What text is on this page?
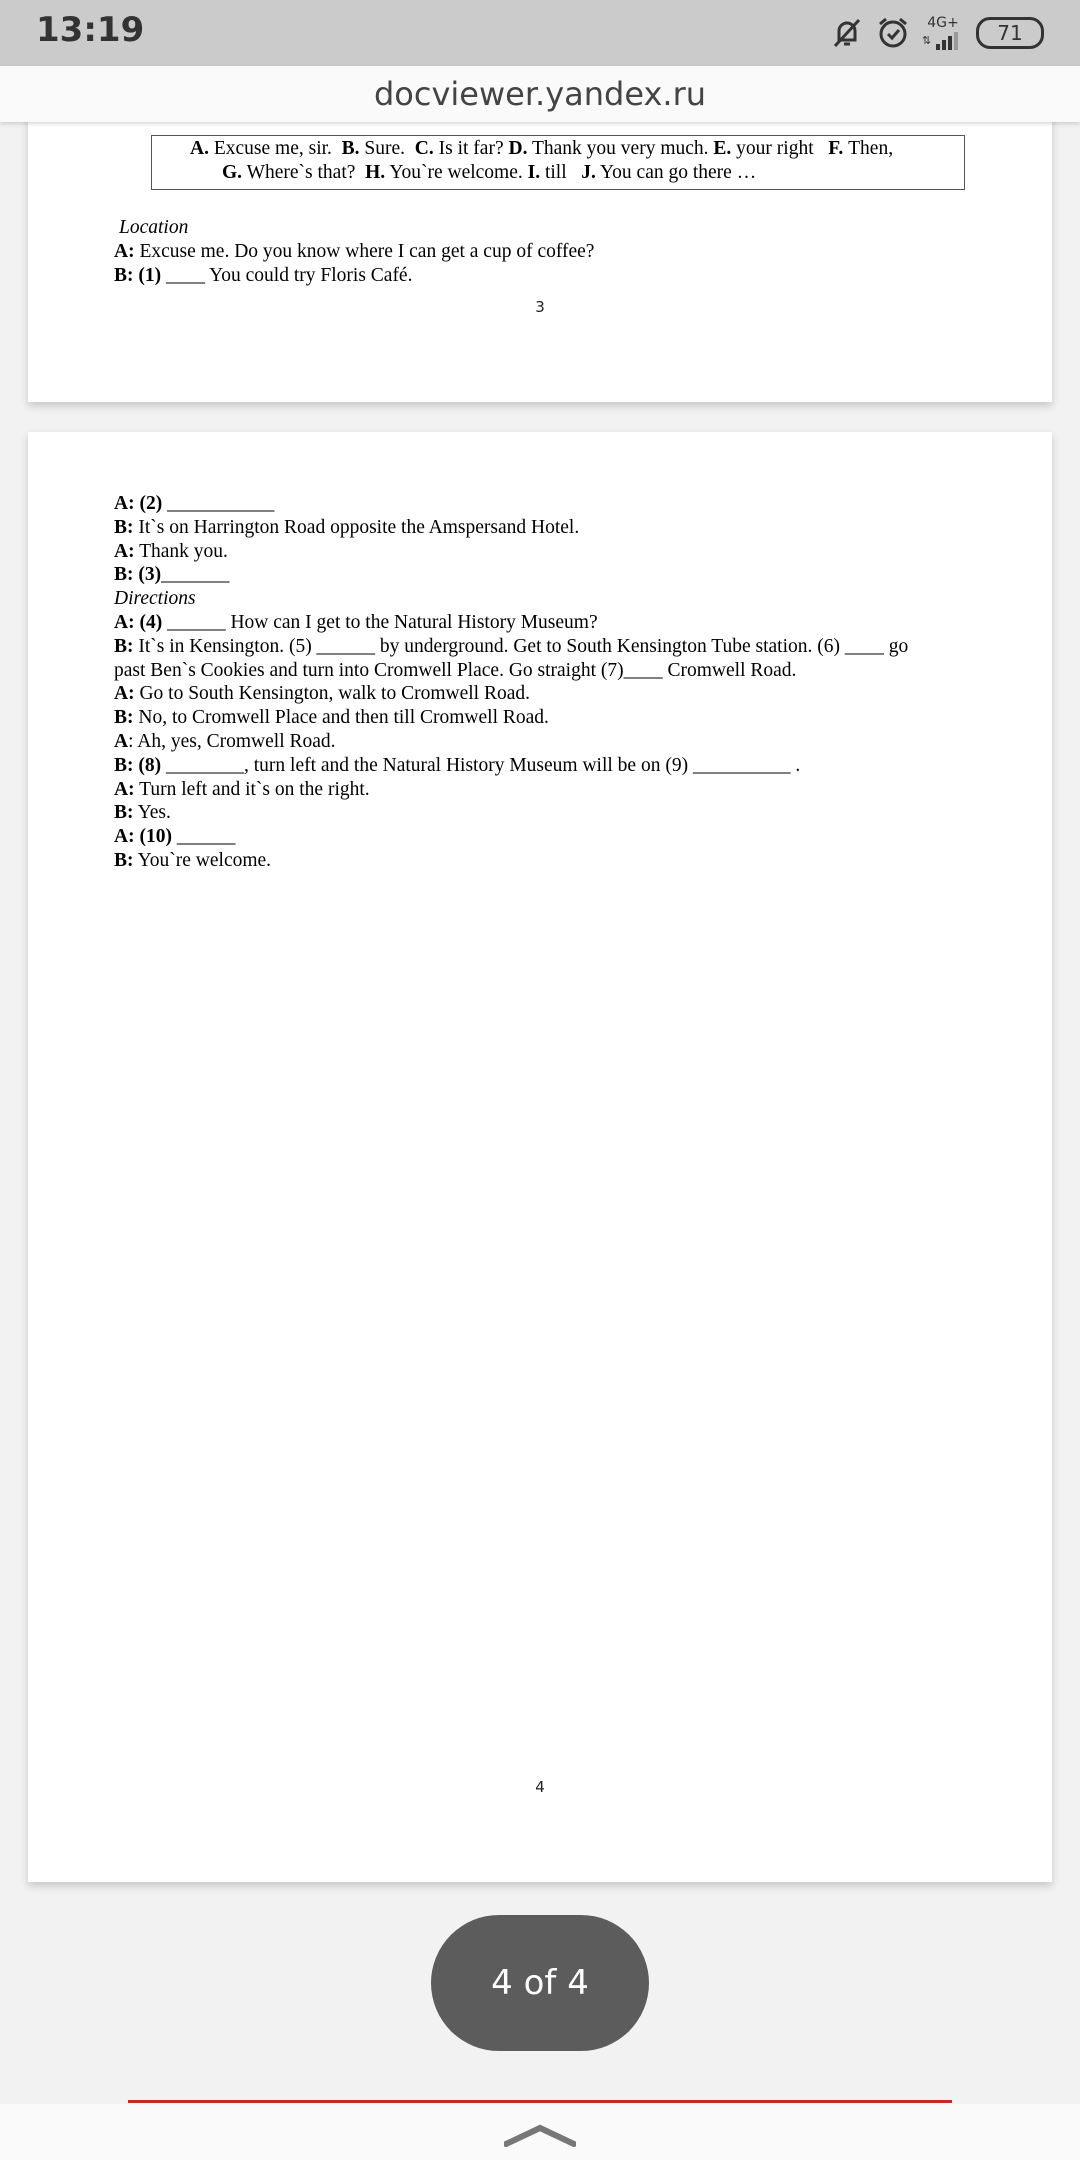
13:19	4G+
⇅	71
docviewer.yandex.ru
A. Excuse me, sir. B. Sure. C. Is it far? D. Thank you very much. E. your right F. Then,
G. Where`s that? H. You`re welcome. I. till J. You can go there …
Location
A: Excuse me. Do you know where I can get a cup of coffee?
B: (1) ____ You could try Floris Café.
3
A: (2) ___________
B: It`s on Harrington Road opposite the Amspersand Hotel.
A: Thank you.
B: (3)_______
Directions
A: (4) ______ How can I get to the Natural History Museum?
B: It`s in Kensington. (5) ______ by underground. Get to South Kensington Tube station. (6) ____ go
past Ben`s Cookies and turn into Cromwell Place. Go straight (7)____ Cromwell Road.
A: Go to South Kensington, walk to Cromwell Road.
B: No, to Cromwell Place and then till Cromwell Road.
A: Ah, yes, Cromwell Road.
B: (8) ________, turn left and the Natural History Museum will be on (9) __________ .
A: Turn left and it`s on the right.
B: Yes.
A: (10) ______
B: You`re welcome.
4
4 of 4
